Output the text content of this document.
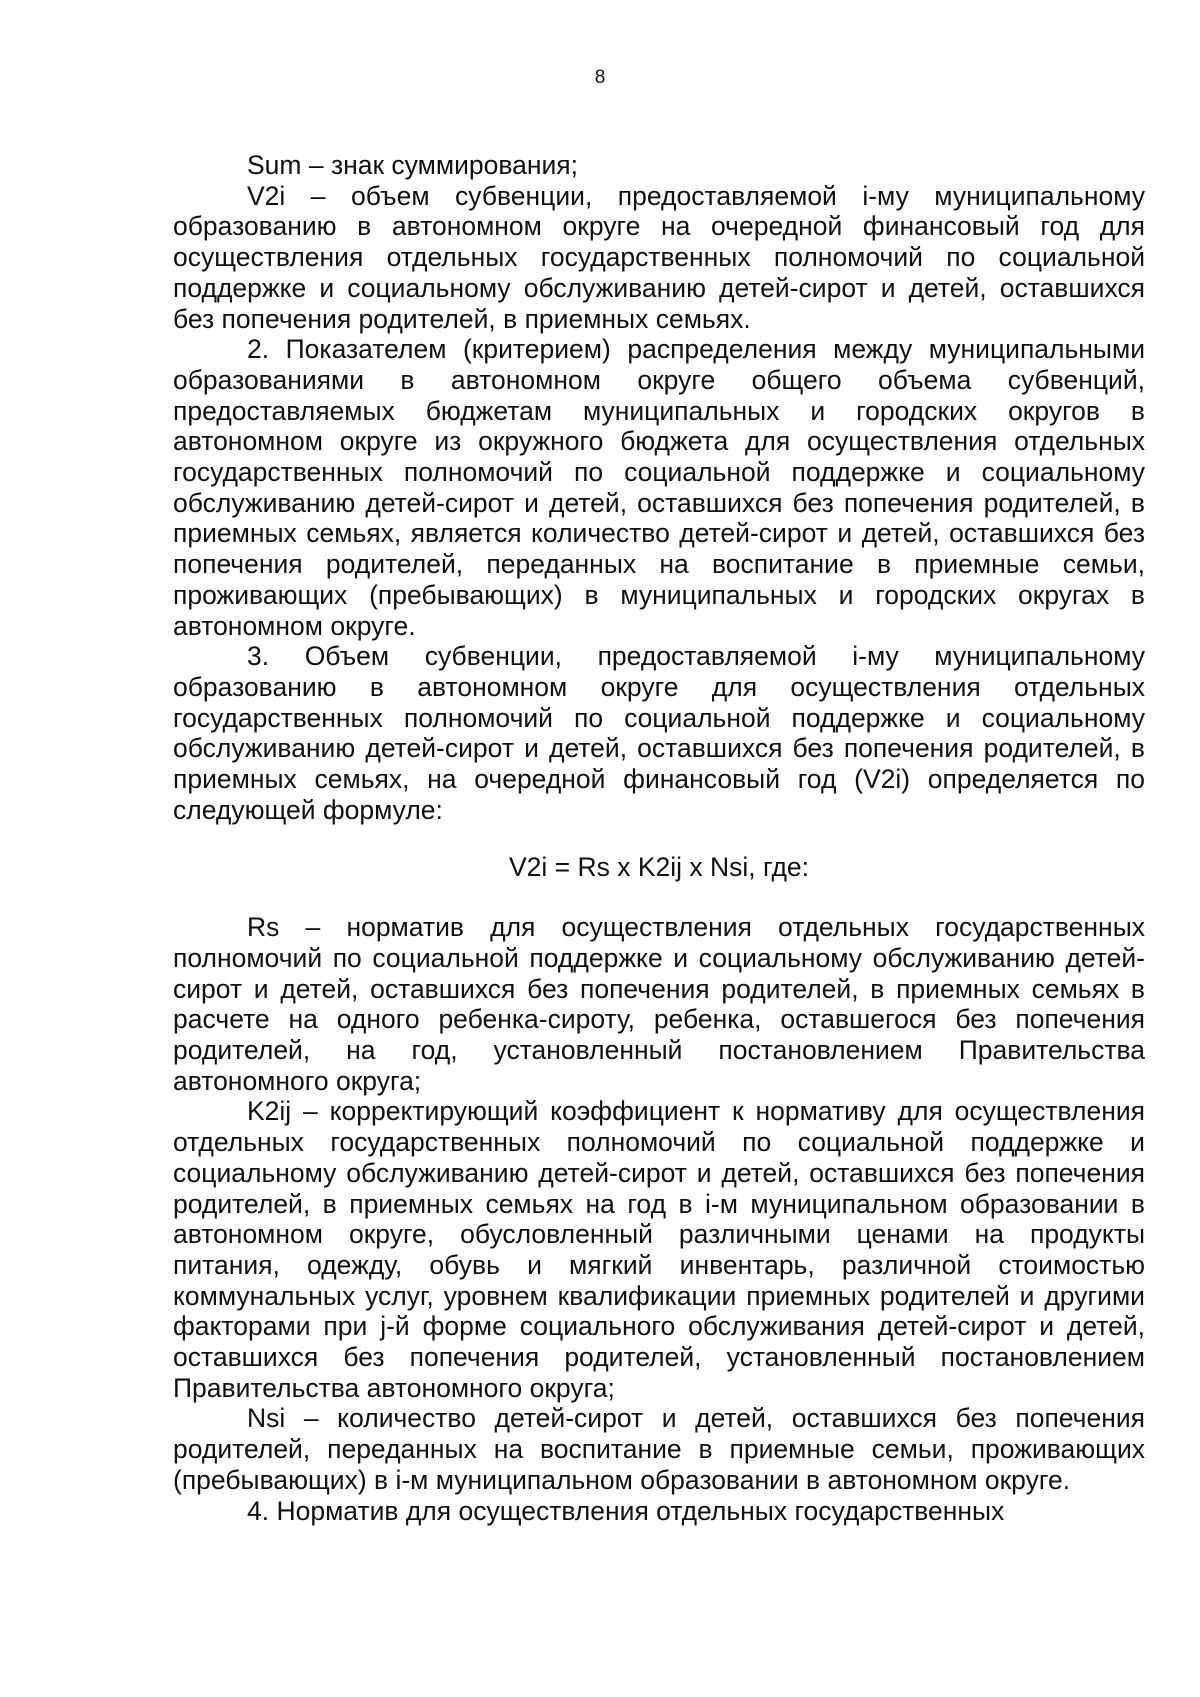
8

Sum – знак суммирования;

V2i – объем субвенции, предоставляемой i-му муниципальному образованию в автономном округе на очередной финансовый год для осуществления отдельных государственных полномочий по социальной поддержке и социальному обслуживанию детей-сирот и детей, оставшихся без попечения родителей, в приемных семьях.

2. Показателем (критерием) распределения между муниципальными образованиями в автономном округе общего объема субвенций, предоставляемых бюджетам муниципальных и городских округов в автономном округе из окружного бюджета для осуществления отдельных государственных полномочий по социальной поддержке и социальному обслуживанию детей-сирот и детей, оставшихся без попечения родителей, в приемных семьях, является количество детей-сирот и детей, оставшихся без попечения родителей, переданных на воспитание в приемные семьи, проживающих (пребывающих) в муниципальных и городских округах в автономном округе.

3. Объем субвенции, предоставляемой i-му муниципальному образованию в автономном округе для осуществления отдельных государственных полномочий по социальной поддержке и социальному обслуживанию детей-сирот и детей, оставшихся без попечения родителей, в приемных семьях, на очередной финансовый год (V2i) определяется по следующей формуле:

V2i = Rs x K2ij x Nsi, где:

Rs – норматив для осуществления отдельных государственных полномочий по социальной поддержке и социальному обслуживанию детей-сирот и детей, оставшихся без попечения родителей, в приемных семьях в расчете на одного ребенка-сироту, ребенка, оставшегося без попечения родителей, на год, установленный постановлением Правительства автономного округа;

K2ij – корректирующий коэффициент к нормативу для осуществления отдельных государственных полномочий по социальной поддержке и социальному обслуживанию детей-сирот и детей, оставшихся без попечения родителей, в приемных семьях на год в i-м муниципальном образовании в автономном округе, обусловленный различными ценами на продукты питания, одежду, обувь и мягкий инвентарь, различной стоимостью коммунальных услуг, уровнем квалификации приемных родителей и другими факторами при j-й форме социального обслуживания детей-сирот и детей, оставшихся без попечения родителей, установленный постановлением Правительства автономного округа;

Nsi – количество детей-сирот и детей, оставшихся без попечения родителей, переданных на воспитание в приемные семьи, проживающих (пребывающих) в i-м муниципальном образовании в автономном округе.

4. Норматив для осуществления отдельных государственных
